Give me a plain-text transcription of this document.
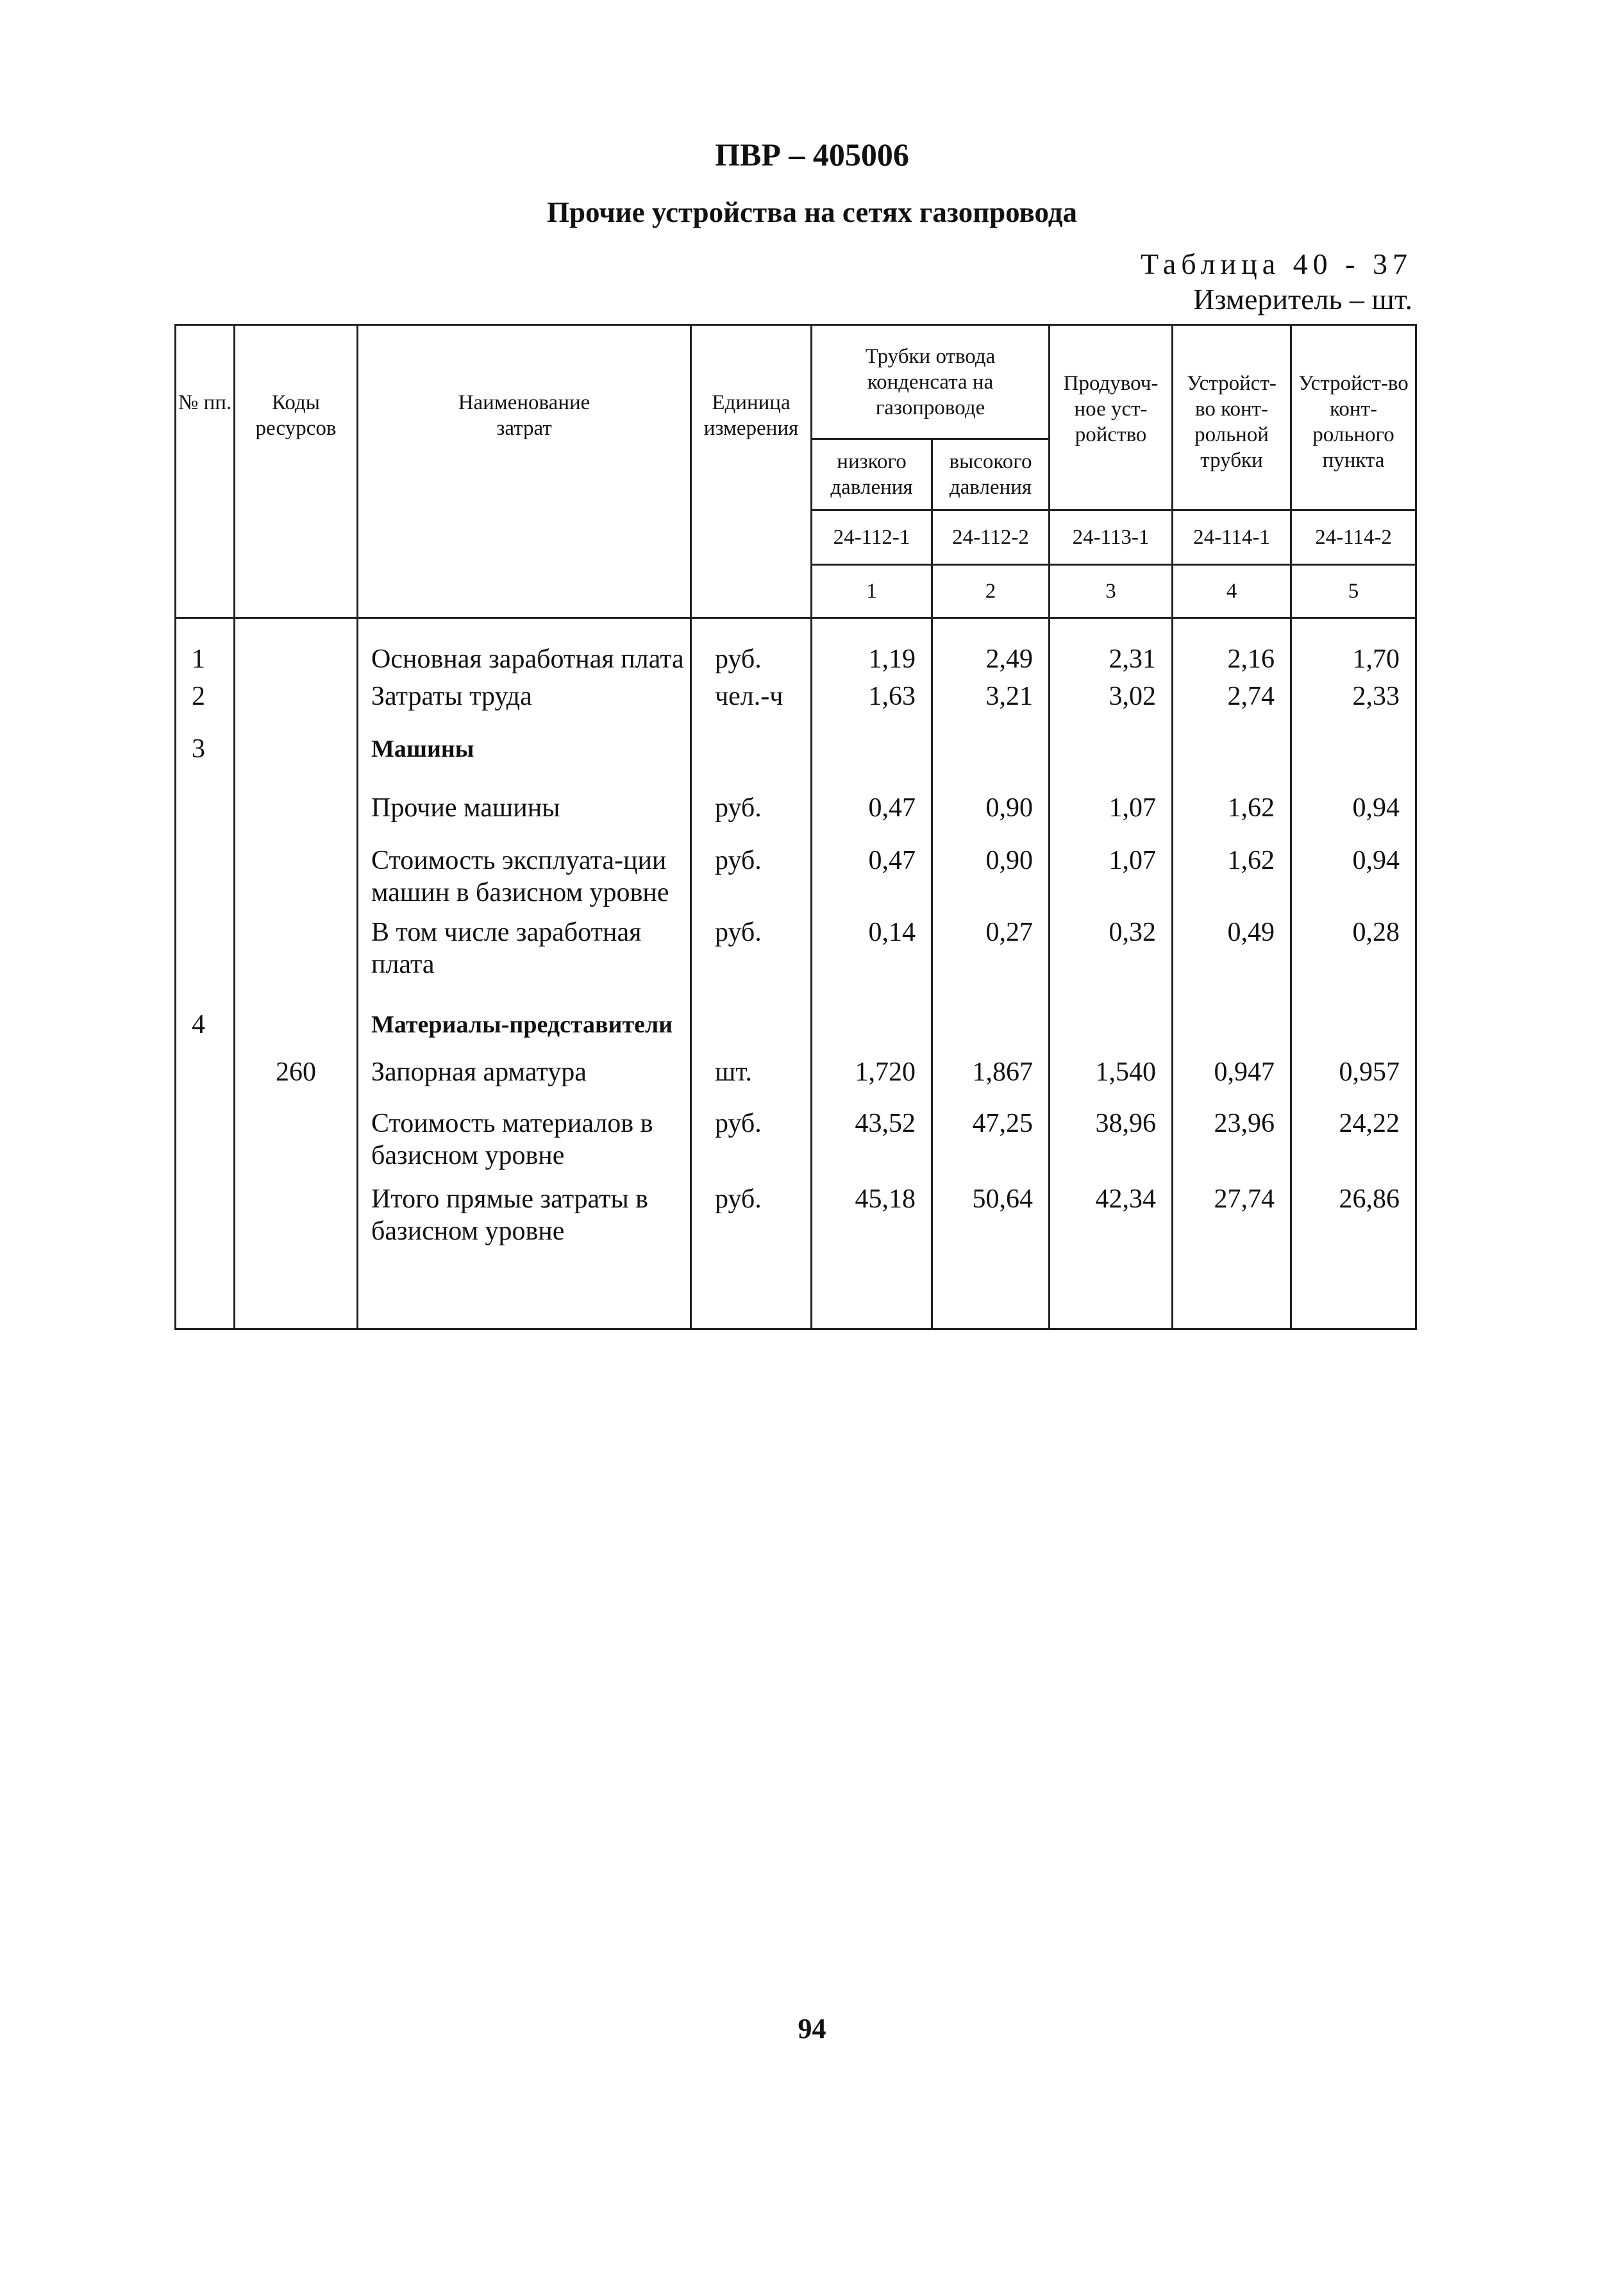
ПВР – 405006
Прочие устройства на сетях газопровода
Таблица 40 - 37
Измеритель – шт.
№ пп.	Коды ресурсов	Наименование затрат	Единица измерения	Трубки отвода конденсата на газопроводе		Продувоч-ное уст-ройство	Устройст-во конт-рольной трубки	Устройст-во конт-рольного пункта
				низкого давления	высокого давления			
				24-112-1	24-112-2	24-113-1	24-114-1	24-114-2
				1	2	3	4	5
1		Основная заработная плата	руб.	1,19	2,49	2,31	2,16	1,70
2		Затраты труда	чел.-ч	1,63	3,21	3,02	2,74	2,33
3		Машины						
		Прочие машины	руб.	0,47	0,90	1,07	1,62	0,94
		Стоимость эксплуата-ции машин в базисном уровне	руб.	0,47	0,90	1,07	1,62	0,94
		В том числе заработная плата	руб.	0,14	0,27	0,32	0,49	0,28
4		Материалы-представители						
	260	Запорная арматура	шт.	1,720	1,867	1,540	0,947	0,957
		Стоимость материалов в базисном уровне	руб.	43,52	47,25	38,96	23,96	24,22
		Итого прямые затраты в базисном уровне	руб.	45,18	50,64	42,34	27,74	26,86
94
